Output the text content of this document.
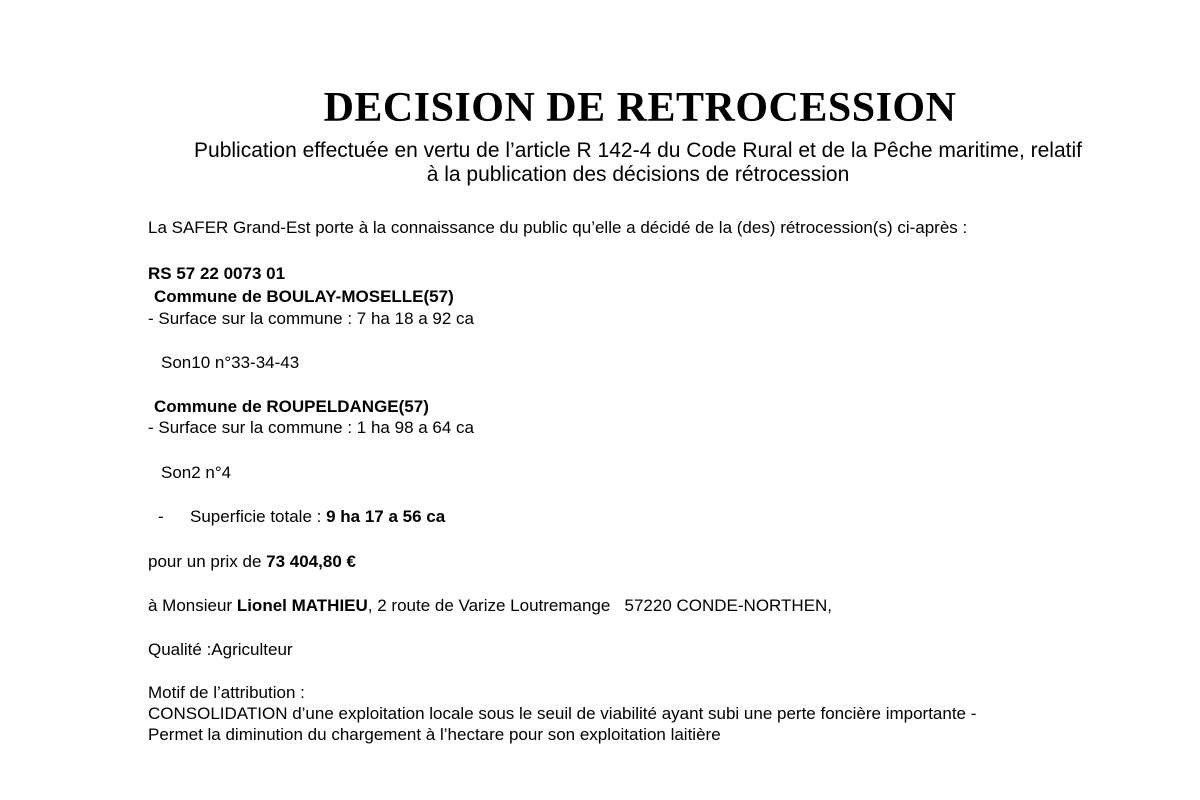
DECISION DE RETROCESSION
Publication effectuée en vertu de l’article R 142-4 du Code Rural et de la Pêche maritime, relatif
à la publication des décisions de rétrocession
La SAFER Grand-Est porte à la connaissance du public qu’elle a décidé de la (des) rétrocession(s) ci-après :
RS 57 22 0073 01
Commune de BOULAY-MOSELLE(57)
- Surface sur la commune : 7 ha 18 a 92 ca
Son10 n°33-34-43
Commune de ROUPELDANGE(57)
- Surface sur la commune : 1 ha 98 a 64 ca
Son2 n°4
- Superficie totale : 9 ha 17 a 56 ca
pour un prix de 73 404,80 €
à Monsieur Lionel MATHIEU, 2 route de Varize Loutremange   57220 CONDE-NORTHEN,
Qualité :Agriculteur
Motif de l’attribution :
CONSOLIDATION d’une exploitation locale sous le seuil de viabilité ayant subi une perte foncière importante -
Permet la diminution du chargement à l’hectare pour son exploitation laitière
